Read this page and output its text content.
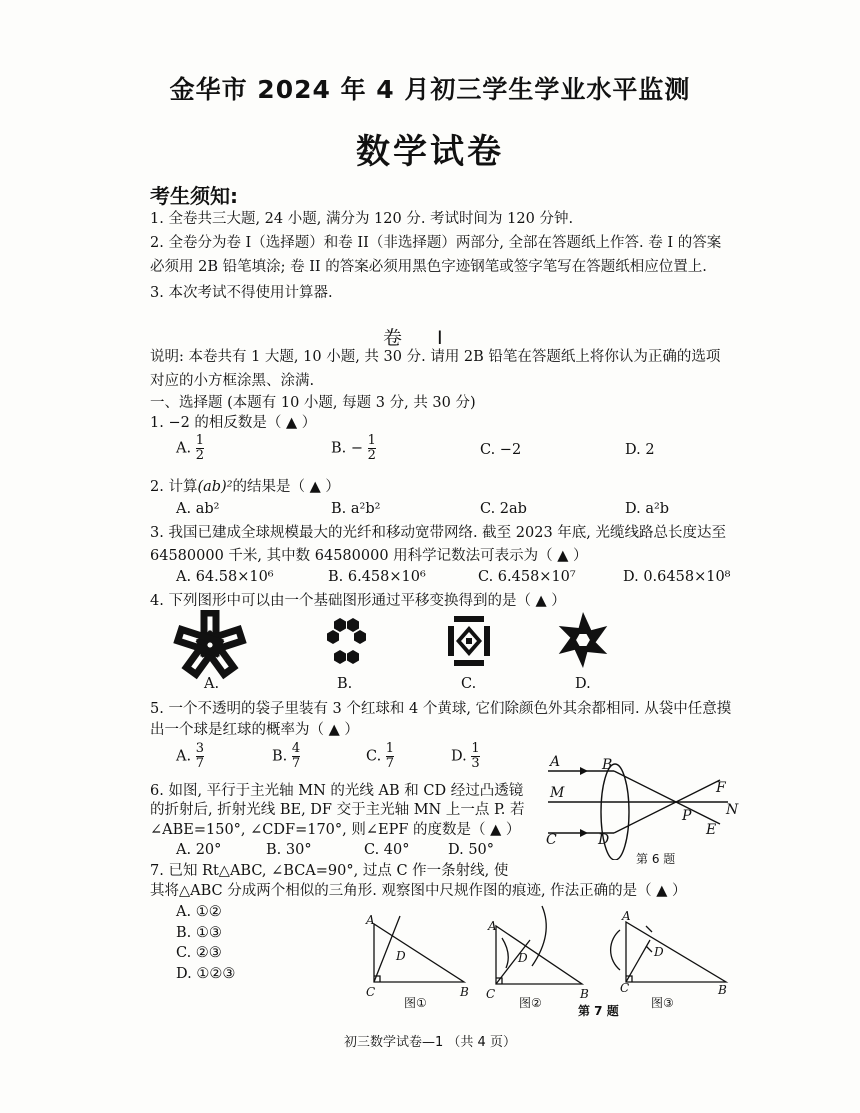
金华市 2024 年 4 月初三学生学业水平监测
数学试卷
考生须知:
1. 全卷共三大题, 24 小题, 满分为 120 分. 考试时间为 120 分钟.
2. 全卷分为卷 I（选择题）和卷 II（非选择题）两部分, 全部在答题纸上作答. 卷 I 的答案
必须用 2B 铅笔填涂; 卷 II 的答案必须用黑色字迹钢笔或签字笔写在答题纸相应位置上.
3. 本次考试不得使用计算器.
卷　I
说明: 本卷共有 1 大题, 10 小题, 共 30 分. 请用 2B 铅笔在答题纸上将你认为正确的选项
对应的小方框涂黑、涂满.
一、选择题 (本题有 10 小题, 每题 3 分, 共 30 分)
1. −2 的相反数是（ ▲ ）
A. $\frac{1}{2}$	B. − $\frac{1}{2}$	C. −2	D. 2
2. 计算(ab)²的结果是（ ▲ ）
A. ab²	B. a²b²	C. 2ab	D. a²b
3. 我国已建成全球规模最大的光纤和移动宽带网络. 截至 2023 年底, 光缆线路总长度达至
64580000 千米, 其中数 64580000 用科学记数法可表示为（ ▲ ）
A. 64.58×10⁶	B. 6.458×10⁶	C. 6.458×10⁷	D. 0.6458×10⁸
4. 下列图形中可以由一个基础图形通过平移变换得到的是（ ▲ ）
A.	B.	C.	D.
5. 一个不透明的袋子里装有 3 个红球和 4 个黄球, 它们除颜色外其余都相同. 从袋中任意摸
出一个球是红球的概率为（ ▲ ）
A. $\frac{3}{7}$	B. $\frac{4}{7}$	C. $\frac{1}{7}$	D. $\frac{1}{3}$
6. 如图, 平行于主光轴 MN 的光线 AB 和 CD 经过凸透镜
的折射后, 折射光线 BE, DF 交于主光轴 MN 上一点 P. 若
∠ABE=150°, ∠CDF=170°, 则∠EPF 的度数是（ ▲ ）
A. 20°	B. 30°	C. 40°	D. 50°
A	B
M
C	D
P
F
N
E
第 6 题
7. 已知 Rt△ABC, ∠BCA=90°, 过点 C 作一条射线, 使
其将△ABC 分成两个相似的三角形. 观察图中尺规作图的痕迹, 作法正确的是（ ▲ ）
A. ①②
B. ①③
C. ②③
D. ①②③
A
D
C	B
图①
A
D
C	B
图②
第 7 题
A
D
C	B
图③
初三数学试卷—1 （共 4 页）
